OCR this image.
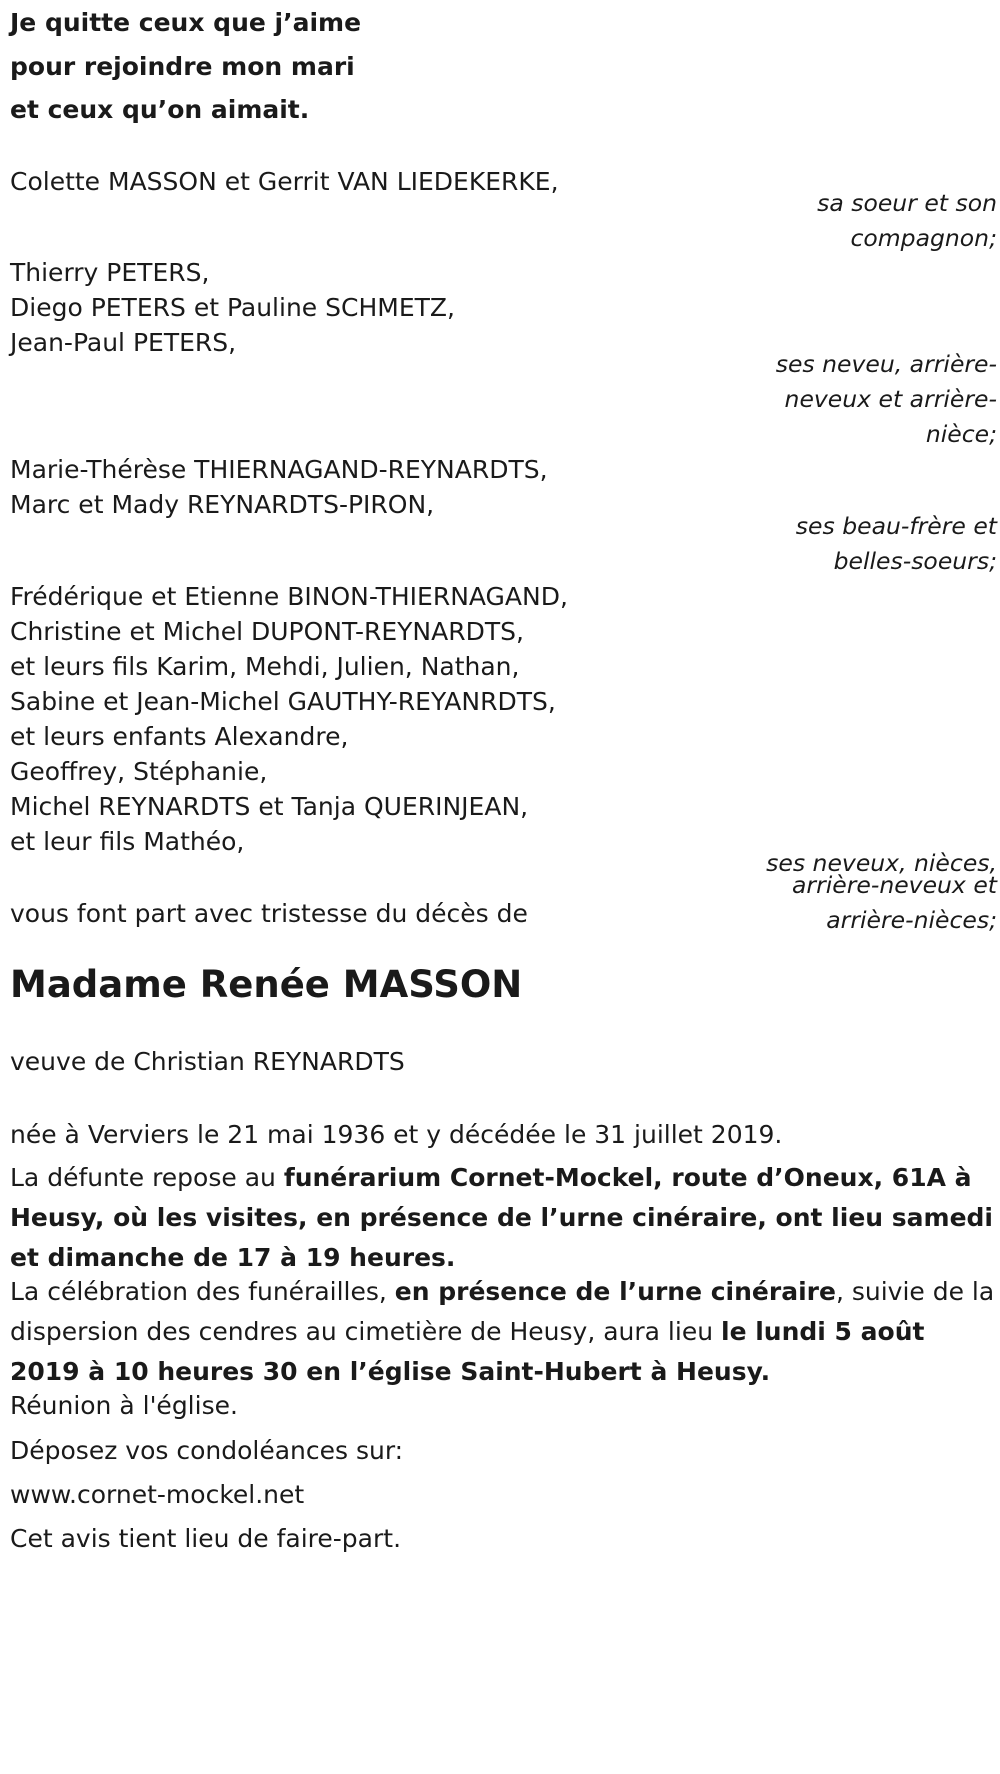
Je quitte ceux que j’aime
pour rejoindre mon mari
et ceux qu’on aimait.
Colette MASSON et Gerrit VAN LIEDEKERKE,
sa soeur et son
compagnon;
Thierry PETERS,
Diego PETERS et Pauline SCHMETZ,
Jean-Paul PETERS,
ses neveu, arrière-
neveux et arrière-
nièce;
Marie-Thérèse THIERNAGAND-REYNARDTS,
Marc et Mady REYNARDTS-PIRON,
ses beau-frère et
belles-soeurs;
Frédérique et Etienne BINON-THIERNAGAND,
Christine et Michel DUPONT-REYNARDTS,
et leurs fils Karim, Mehdi, Julien, Nathan,
Sabine et Jean-Michel GAUTHY-REYANRDTS,
et leurs enfants Alexandre,
Geoffrey, Stéphanie,
Michel REYNARDTS et Tanja QUERINJEAN,
et leur fils Mathéo,
ses neveux, nièces,
arrière-neveux et
arrière-nièces;
vous font part avec tristesse du décès de
Madame Renée MASSON
veuve de Christian REYNARDTS
née à Verviers le 21 mai 1936 et y décédée le 31 juillet 2019.
La défunte repose au funérarium Cornet-Mockel, route d’Oneux, 61A à Heusy, où les visites, en présence de l’urne cinéraire, ont lieu samedi et dimanche de 17 à 19 heures.
La célébration des funérailles, en présence de l’urne cinéraire, suivie de la dispersion des cendres au cimetière de Heusy, aura lieu le lundi 5 août 2019 à 10 heures 30 en l’église Saint-Hubert à Heusy.
Réunion à l'église.
Déposez vos condoléances sur:
www.cornet-mockel.net
Cet avis tient lieu de faire-part.
